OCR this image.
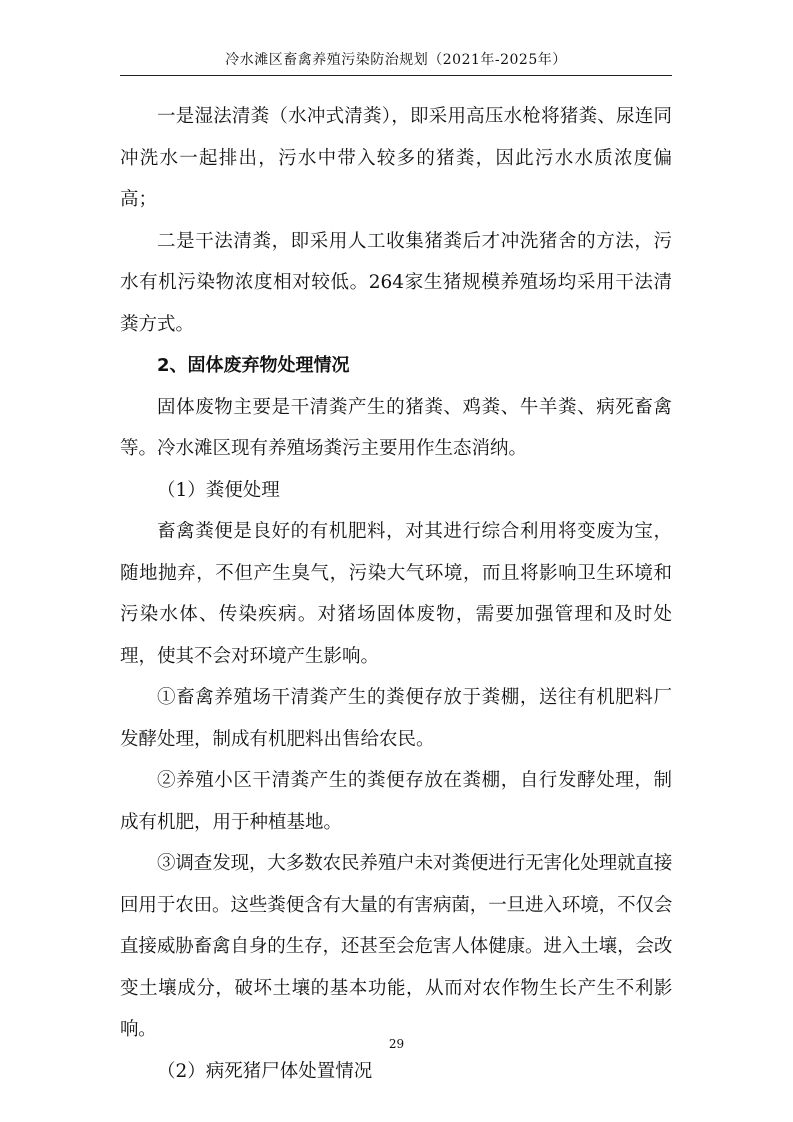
冷水滩区畜禽养殖污染防治规划（2021年-2025年）

一是湿法清粪（水冲式清粪），即采用高压水枪将猪粪、尿连同冲洗水一起排出，污水中带入较多的猪粪，因此污水水质浓度偏高；

二是干法清粪，即采用人工收集猪粪后才冲洗猪舍的方法，污水有机污染物浓度相对较低。264家生猪规模养殖场均采用干法清粪方式。

2、固体废弃物处理情况

固体废物主要是干清粪产生的猪粪、鸡粪、牛羊粪、病死畜禽等。冷水滩区现有养殖场粪污主要用作生态消纳。

（1）粪便处理

畜禽粪便是良好的有机肥料，对其进行综合利用将变废为宝，随地抛弃，不但产生臭气，污染大气环境，而且将影响卫生环境和污染水体、传染疾病。对猪场固体废物，需要加强管理和及时处理，使其不会对环境产生影响。

①畜禽养殖场干清粪产生的粪便存放于粪棚，送往有机肥料厂发酵处理，制成有机肥料出售给农民。

②养殖小区干清粪产生的粪便存放在粪棚，自行发酵处理，制成有机肥，用于种植基地。

③调查发现，大多数农民养殖户未对粪便进行无害化处理就直接回用于农田。这些粪便含有大量的有害病菌，一旦进入环境，不仅会直接威胁畜禽自身的生存，还甚至会危害人体健康。进入土壤，会改变土壤成分，破坏土壤的基本功能，从而对农作物生长产生不利影响。

（2）病死猪尸体处置情况

29
